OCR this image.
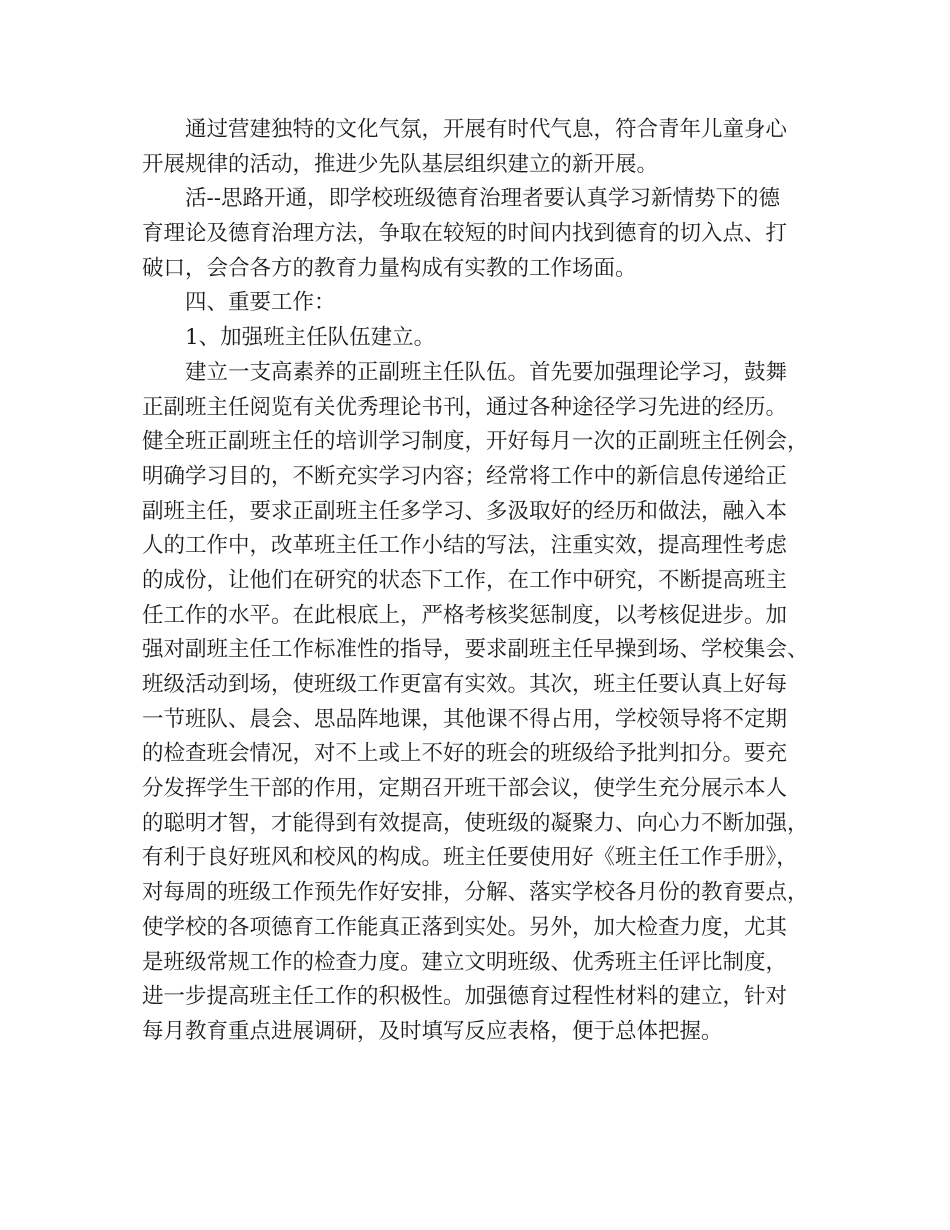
通过营建独特的文化气氛，开展有时代气息，符合青年儿童身心
开展规律的活动，推进少先队基层组织建立的新开展。
活--思路开通，即学校班级德育治理者要认真学习新情势下的德
育理论及德育治理方法，争取在较短的时间内找到德育的切入点、打
破口，会合各方的教育力量构成有实教的工作场面。
四、重要工作：
1、加强班主任队伍建立。
建立一支高素养的正副班主任队伍。首先要加强理论学习，鼓舞
正副班主任阅览有关优秀理论书刊，通过各种途径学习先进的经历。
健全班正副班主任的培训学习制度，开好每月一次的正副班主任例会，
明确学习目的，不断充实学习内容；经常将工作中的新信息传递给正
副班主任，要求正副班主任多学习、多汲取好的经历和做法，融入本
人的工作中，改革班主任工作小结的写法，注重实效，提高理性考虑
的成份，让他们在研究的状态下工作，在工作中研究，不断提高班主
任工作的水平。在此根底上，严格考核奖惩制度，以考核促进步。加
强对副班主任工作标准性的指导，要求副班主任早操到场、学校集会、
班级活动到场，使班级工作更富有实效。其次，班主任要认真上好每
一节班队、晨会、思品阵地课，其他课不得占用，学校领导将不定期
的检查班会情况，对不上或上不好的班会的班级给予批判扣分。要充
分发挥学生干部的作用，定期召开班干部会议，使学生充分展示本人
的聪明才智，才能得到有效提高，使班级的凝聚力、向心力不断加强，
有利于良好班风和校风的构成。班主任要使用好《班主任工作手册》，
对每周的班级工作预先作好安排，分解、落实学校各月份的教育要点，
使学校的各项德育工作能真正落到实处。另外，加大检查力度，尤其
是班级常规工作的检查力度。建立文明班级、优秀班主任评比制度，
进一步提高班主任工作的积极性。加强德育过程性材料的建立，针对
每月教育重点进展调研，及时填写反应表格，便于总体把握。
